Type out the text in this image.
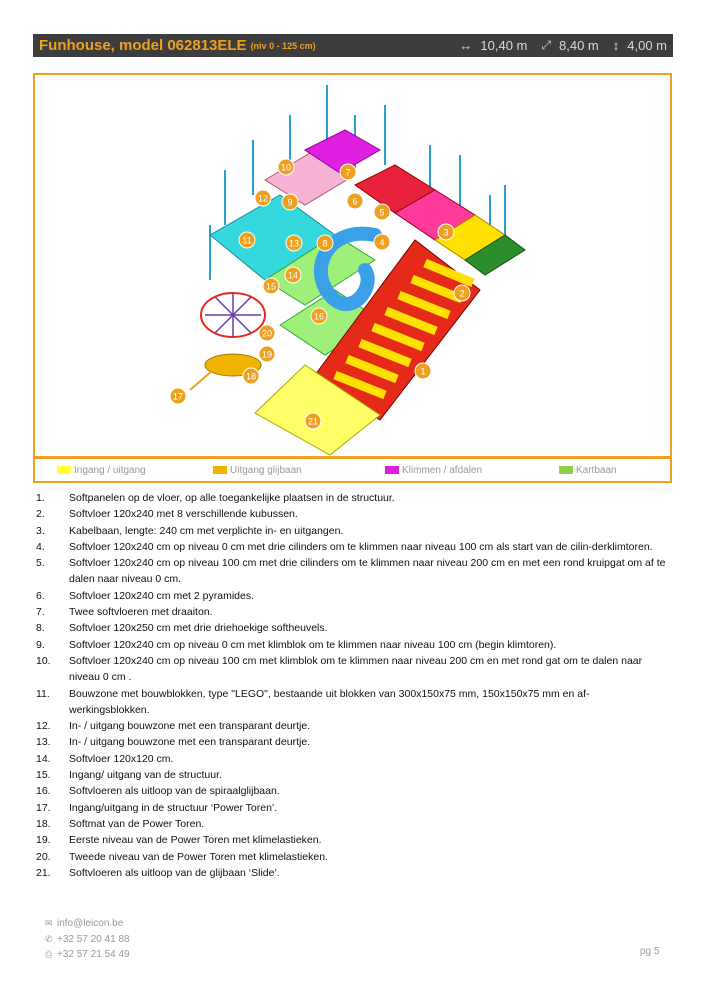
Funhouse, model 062813ELE (niv 0 - 125 cm)	↔ 10,40 m ⤢ 8,40 m ↕ 4,00 m
1
2
3
4
5
6
7
8
9
10
11
12
13
14
15
16
17
18
19
20
21
Ingang / uitgang	Uitgang glijbaan	Klimmen / afdalen	Kartbaan
1.	Softpanelen op de vloer, op alle toegankelijke plaatsen in de structuur.
2.	Softvloer 120x240 met 8 verschillende kubussen.
3.	Kabelbaan, lengte: 240 cm met verplichte in- en uitgangen.
4.	Softvloer 120x240 cm op niveau 0 cm met drie cilinders om te klimmen naar niveau 100 cm als start van de cilin-derklimtoren.
5.	Softvloer 120x240 cm op niveau 100 cm met drie cilinders om te klimmen naar niveau 200 cm en met een rond kruipgat om af te dalen naar niveau 0 cm.
6.	Softvloer 120x240 cm met 2 pyramides.
7.	Twee softvloeren met draaiton.
8.	Softvloer 120x250 cm met drie driehoekige softheuvels.
9.	Softvloer 120x240 cm op niveau 0 cm met klimblok om te klimmen naar niveau 100 cm (begin klimtoren).
10.	Softvloer 120x240 cm op niveau 100 cm met klimblok om te klimmen naar niveau 200 cm en met rond gat om te dalen naar niveau 0 cm .
11.	Bouwzone met bouwblokken, type "LEGO", bestaande uit blokken van 300x150x75 mm, 150x150x75 mm en af-werkingsblokken.
12.	In- / uitgang bouwzone met een transparant deurtje.
13.	In- / uitgang bouwzone met een transparant deurtje.
14.	Softvloer 120x120 cm.
15.	Ingang/ uitgang van de structuur.
16.	Softvloeren als uitloop van de spiraalglijbaan.
17.	Ingang/uitgang in de structuur ‘Power Toren’.
18.	Softmat van de Power Toren.
19.	Eerste niveau van de Power Toren met klimelastieken.
20.	Tweede niveau van de Power Toren met klimelastieken.
21.	Softvloeren als uitloop van de glijbaan ‘Slide’.
✉ info@leicon.be
✆ +32 57 20 41 88
⎙ +32 57 21 54 49	pg 5
